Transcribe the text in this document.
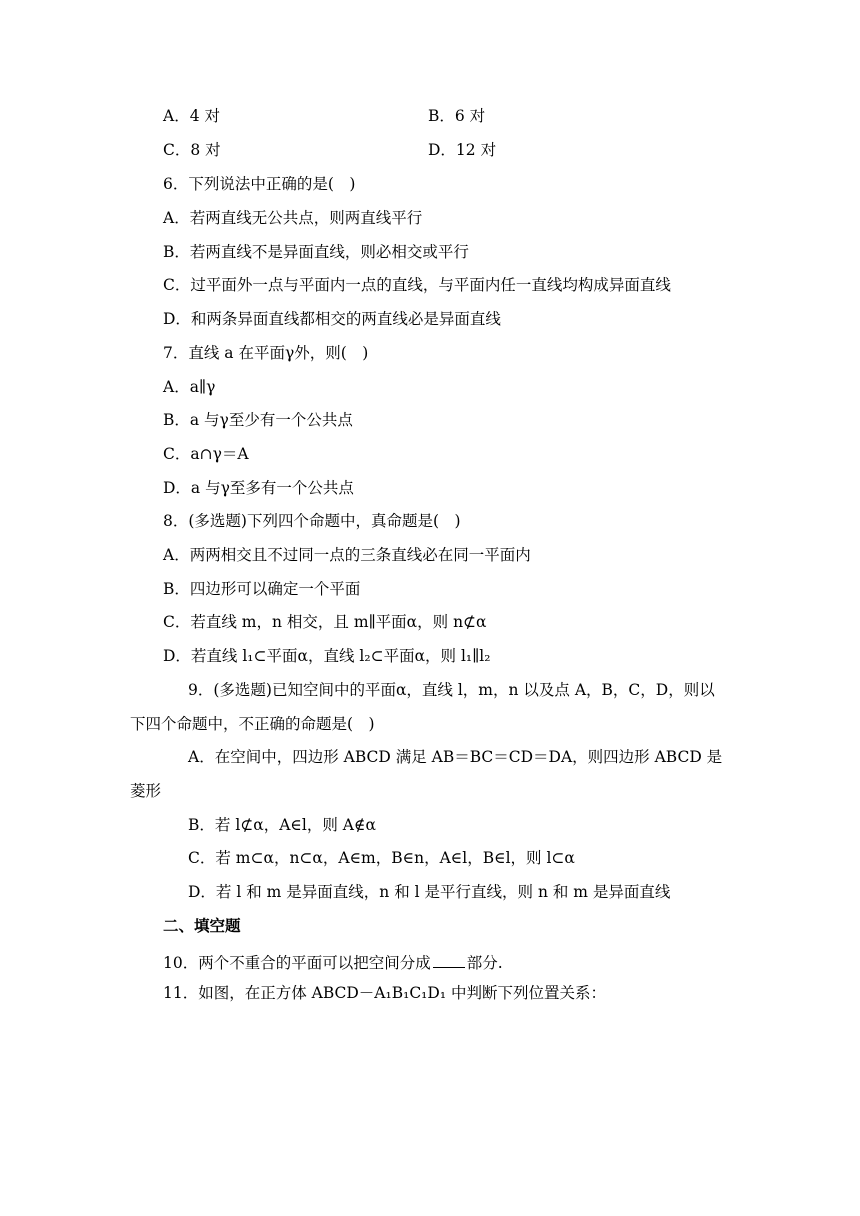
A．4 对	B．6 对
C．8 对	D．12 对
6．下列说法中正确的是(　)
A．若两直线无公共点，则两直线平行
B．若两直线不是异面直线，则必相交或平行
C．过平面外一点与平面内一点的直线，与平面内任一直线均构成异面直线
D．和两条异面直线都相交的两直线必是异面直线
7．直线 a 在平面γ外，则(　)
A．a∥γ
B．a 与γ至少有一个公共点
C．a∩γ＝A
D．a 与γ至多有一个公共点
8．(多选题)下列四个命题中，真命题是(　)
A．两两相交且不过同一点的三条直线必在同一平面内
B．四边形可以确定一个平面
C．若直线 m，n 相交，且 m∥平面α，则 n⊄α
D．若直线 l₁⊂平面α，直线 l₂⊂平面α，则 l₁∥l₂
9．(多选题)已知空间中的平面α，直线 l，m，n 以及点 A，B，C，D，则以
下四个命题中，不正确的命题是(　)
A．在空间中，四边形 ABCD 满足 AB＝BC＝CD＝DA，则四边形 ABCD 是
菱形
B．若 l⊄α，A∈l，则 A∉α
C．若 m⊂α，n⊂α，A∈m，B∈n，A∈l，B∈l，则 l⊂α
D．若 l 和 m 是异面直线，n 和 l 是平行直线，则 n 和 m 是异面直线
二、填空题
10．两个不重合的平面可以把空间分成 部分.
11．如图，在正方体 ABCD－A₁B₁C₁D₁ 中判断下列位置关系：
